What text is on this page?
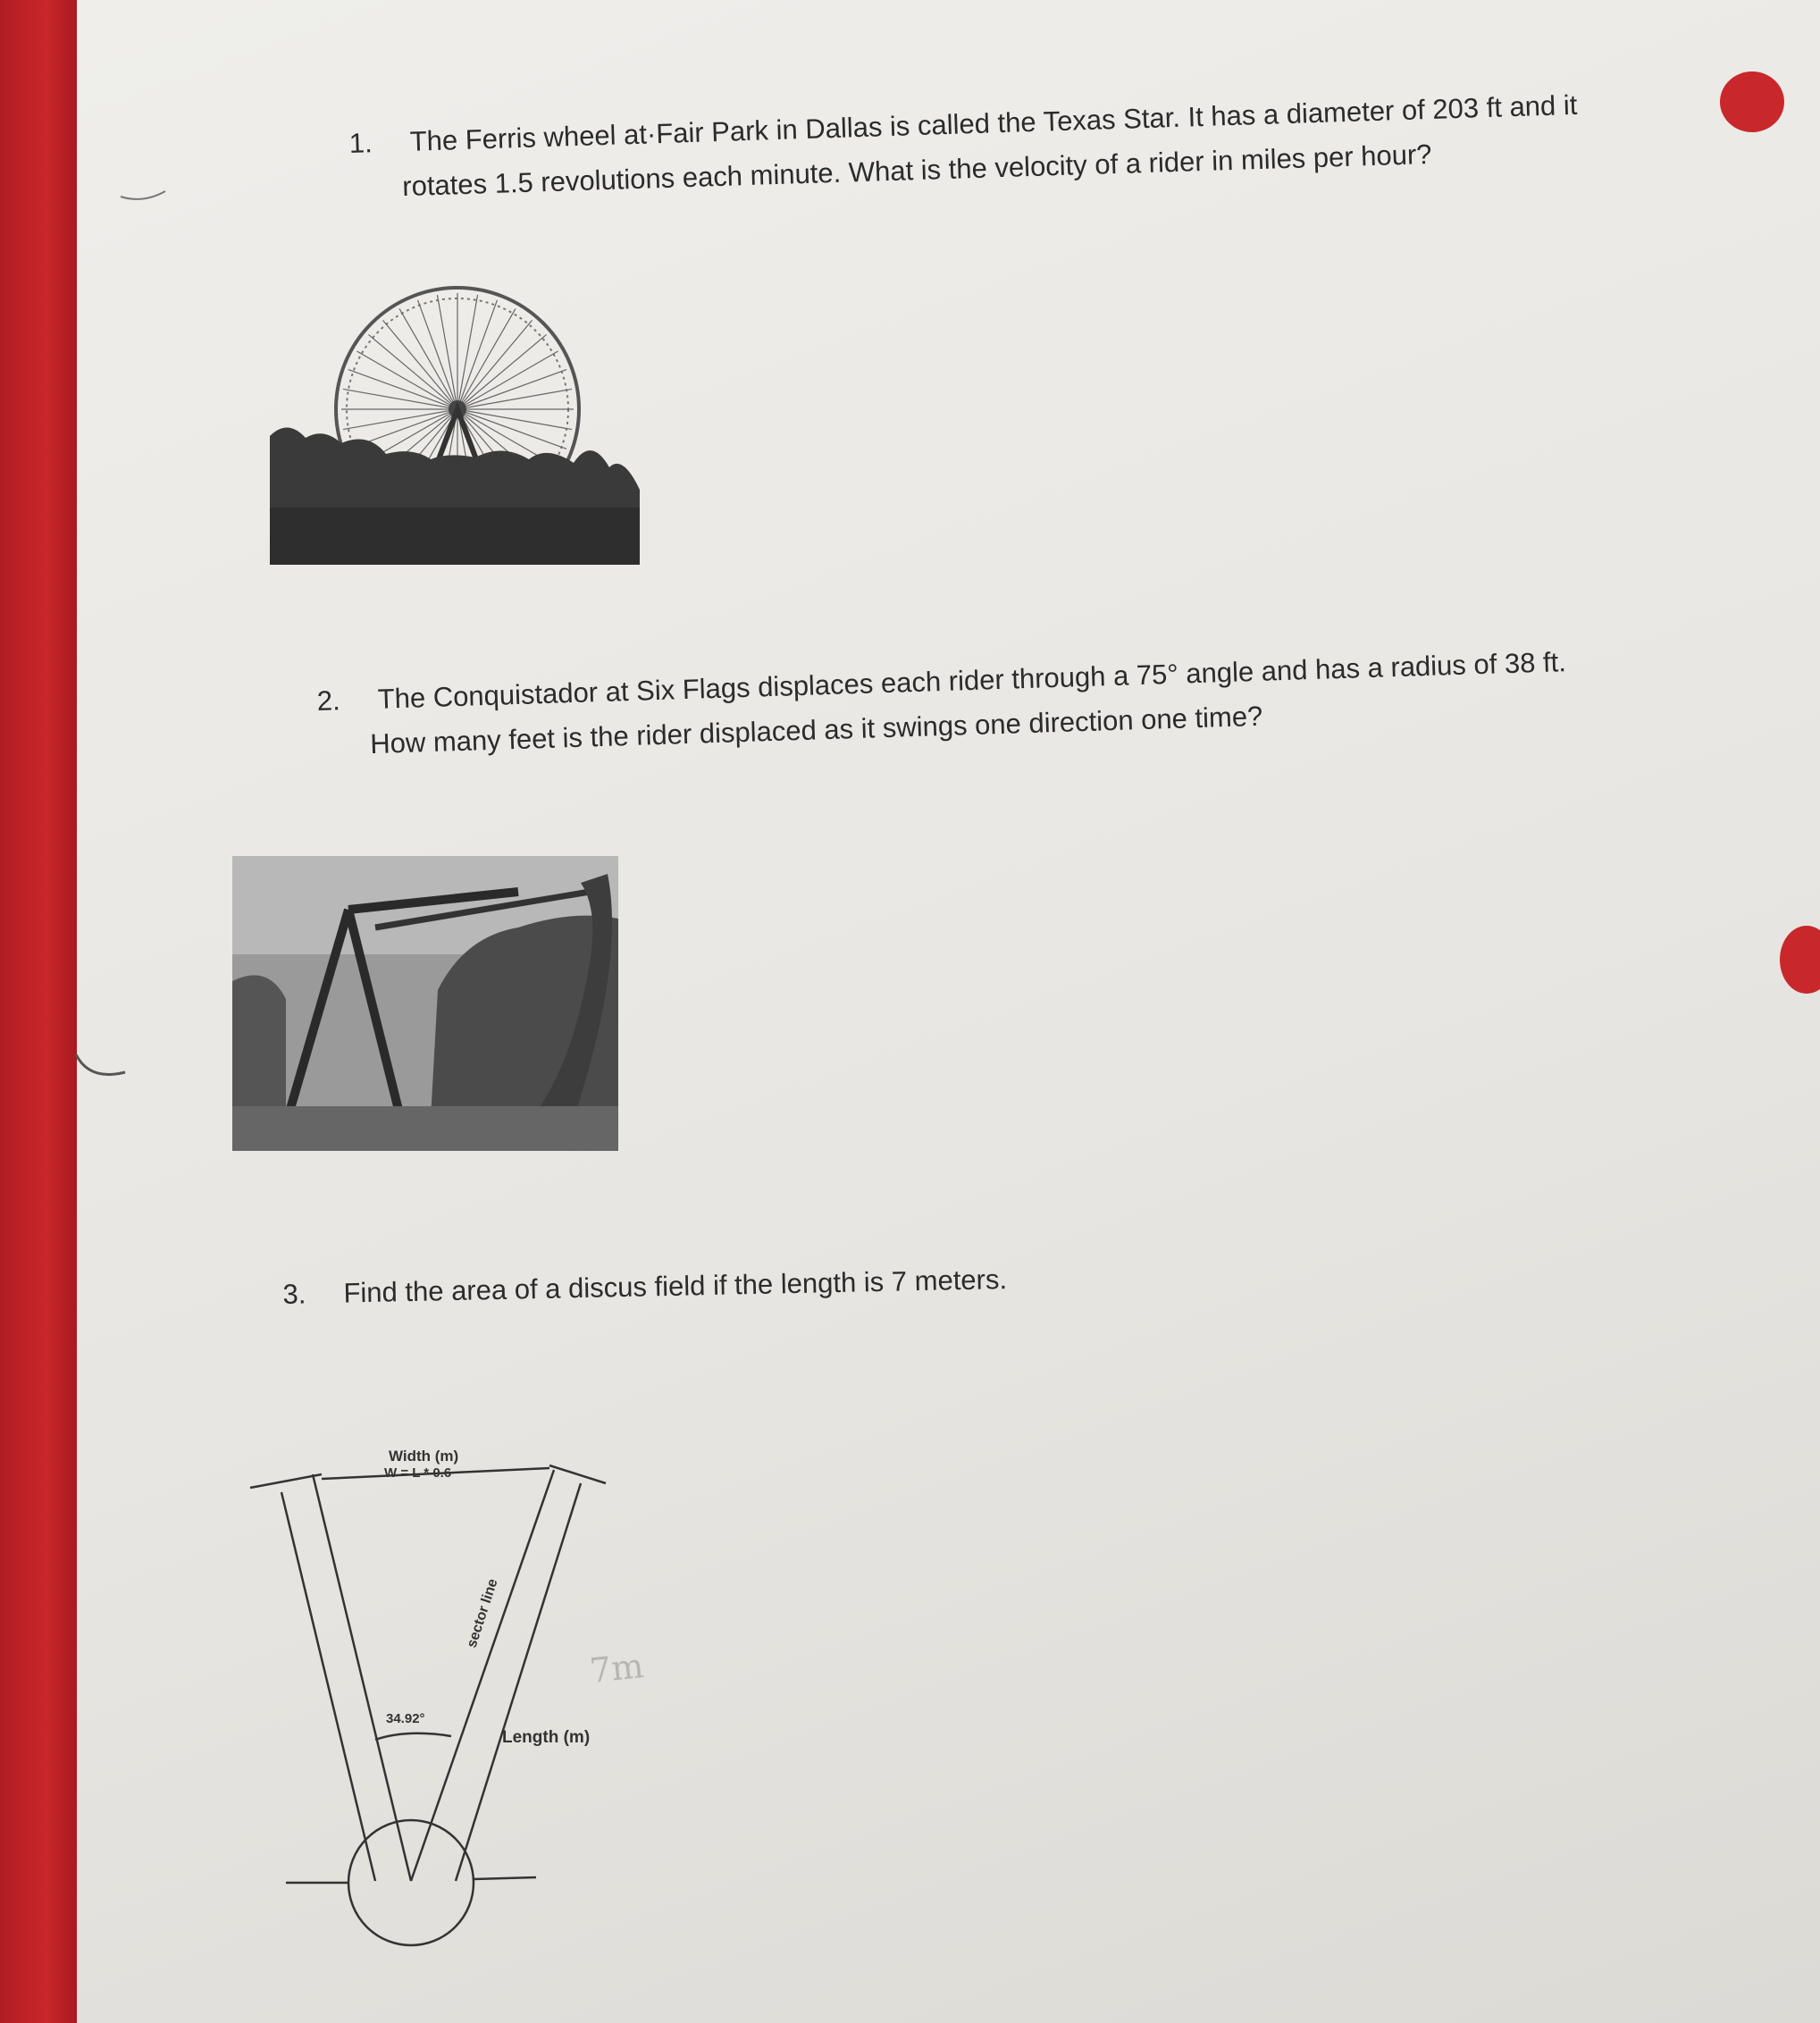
1. The Ferris wheel at·Fair Park in Dallas is called the Texas Star. It has a diameter of 203 ft and it
rotates 1.5 revolutions each minute. What is the velocity of a rider in miles per hour?
2. The Conquistador at Six Flags displaces each rider through a 75° angle and has a radius of 38 ft.
How many feet is the rider displaced as it swings one direction one time?
3. Find the area of a discus field if the length is 7 meters.
Width (m)
W = L * 0.6
sector line
34.92°
Length (m)
7m
